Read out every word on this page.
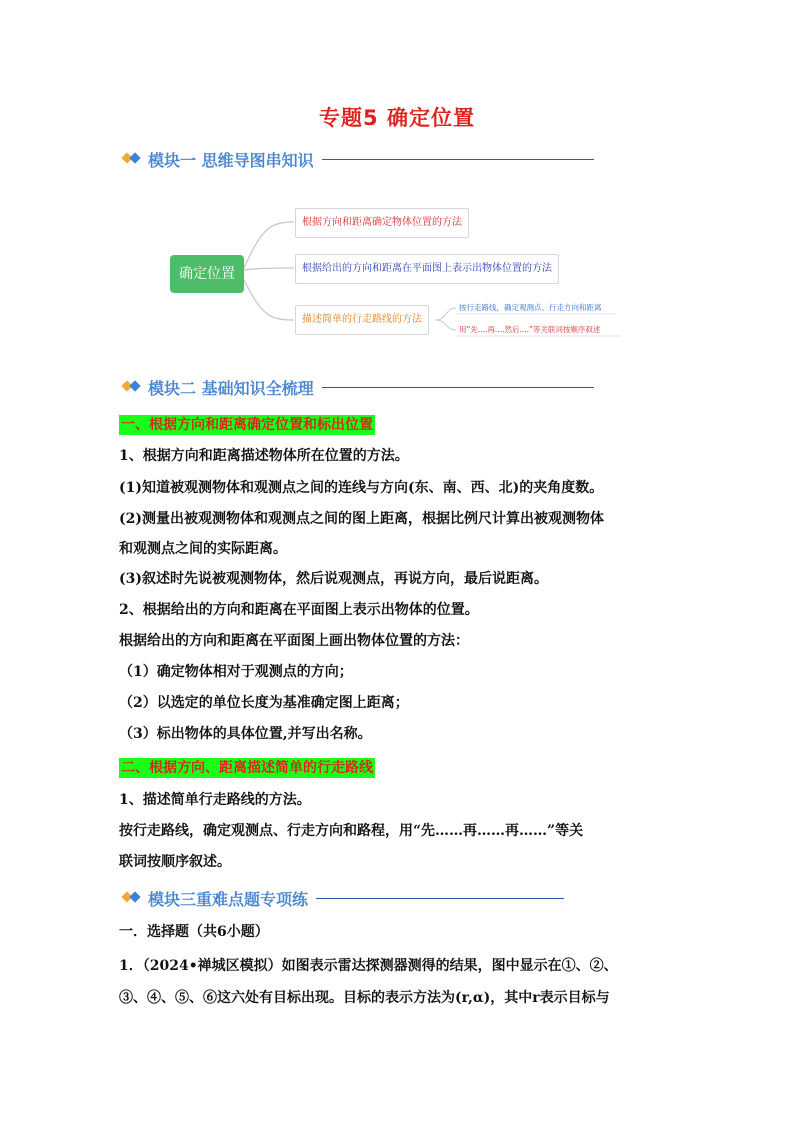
专题5 确定位置
模块一 思维导图串知识
确定位置
根据方向和距离确定物体位置的方法
根据给出的方向和距离在平面图上表示出物体位置的方法
描述简单的行走路线的方法
按行走路线，确定观测点、行走方向和距离
用“先....再....然后....”等关联词按顺序叙述
模块二 基础知识全梳理
一、根据方向和距离确定位置和标出位置
1、根据方向和距离描述物体所在位置的方法。
(1)知道被观测物体和观测点之间的连线与方向(东、南、西、北)的夹角度数。
(2)测量出被观测物体和观测点之间的图上距离，根据比例尺计算出被观测物体
和观测点之间的实际距离。
(3)叙述时先说被观测物体，然后说观测点，再说方向，最后说距离。
2、根据给出的方向和距离在平面图上表示出物体的位置。
根据给出的方向和距离在平面图上画出物体位置的方法：
（1）确定物体相对于观测点的方向；
（2）以选定的单位长度为基准确定图上距离；
（3）标出物体的具体位置,并写出名称。
二、根据方向、距离描述简单的行走路线
1、描述简单行走路线的方法。
按行走路线，确定观测点、行走方向和路程，用“先……再……再……”等关
联词按顺序叙述。
模块三重难点题专项练
一．选择题（共6小题）
1．（2024•禅城区模拟）如图表示雷达探测器测得的结果，图中显示在①、②、
③、④、⑤、⑥这六处有目标出现。目标的表示方法为(r,α)，其中r表示目标与
